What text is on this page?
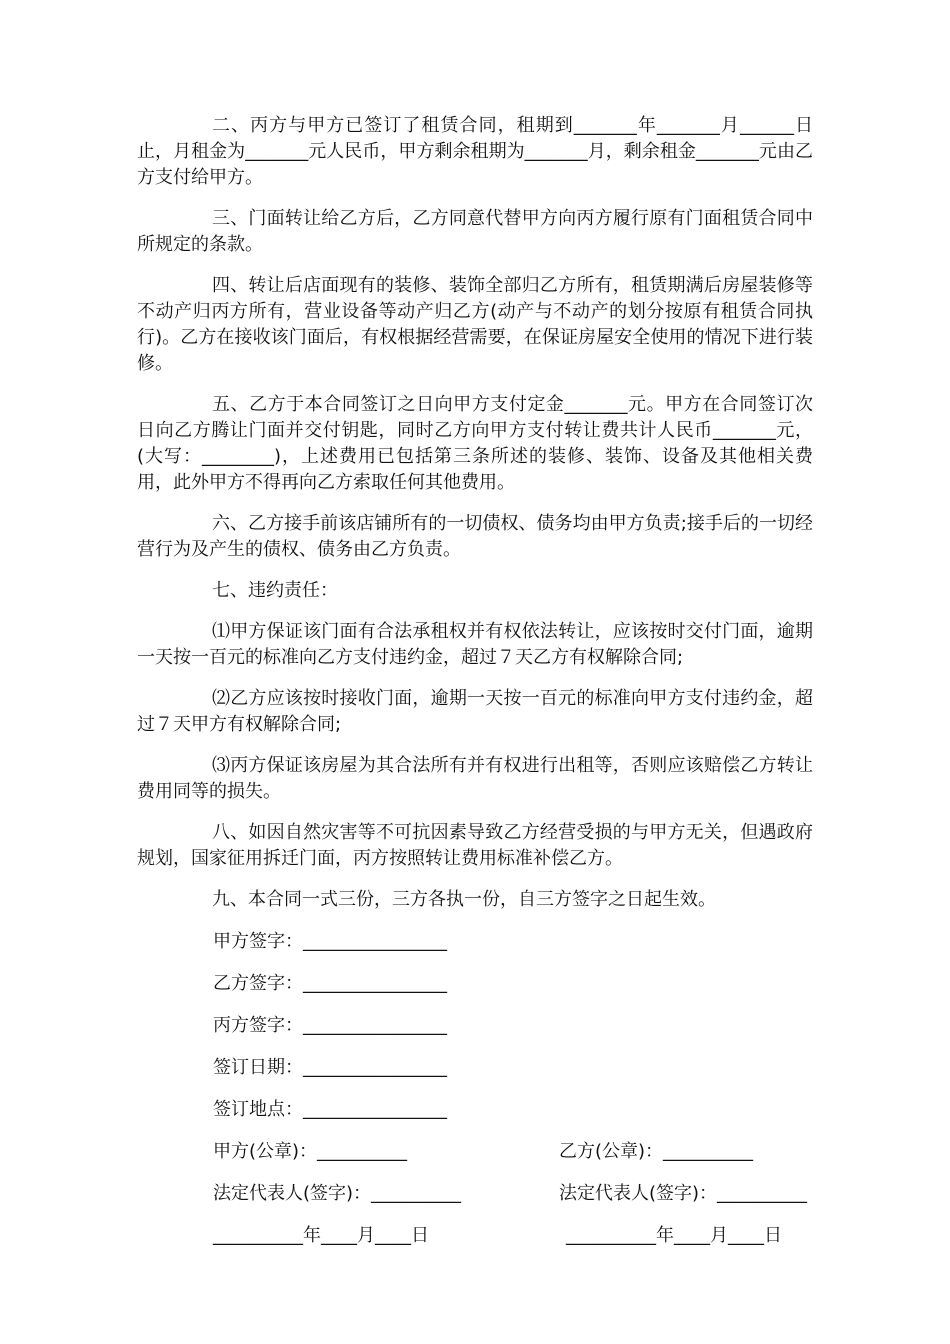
二、丙方与甲方已签订了租赁合同，租期到_______年_______月______日止，月租金为_______元人民币，甲方剩余租期为_______月，剩余租金_______元由乙方支付给甲方。

三、门面转让给乙方后，乙方同意代替甲方向丙方履行原有门面租赁合同中所规定的条款。

四、转让后店面现有的装修、装饰全部归乙方所有，租赁期满后房屋装修等不动产归丙方所有，营业设备等动产归乙方(动产与不动产的划分按原有租赁合同执行)。乙方在接收该门面后，有权根据经营需要，在保证房屋安全使用的情况下进行装修。

五、乙方于本合同签订之日向甲方支付定金_______元。甲方在合同签订次日向乙方腾让门面并交付钥匙，同时乙方向甲方支付转让费共计人民币_______元，(大写：________)，上述费用已包括第三条所述的装修、装饰、设备及其他相关费用，此外甲方不得再向乙方索取任何其他费用。

六、乙方接手前该店铺所有的一切债权、债务均由甲方负责;接手后的一切经营行为及产生的债权、债务由乙方负责。

七、违约责任：

⑴甲方保证该门面有合法承租权并有权依法转让，应该按时交付门面，逾期一天按一百元的标准向乙方支付违约金，超过７天乙方有权解除合同;

⑵乙方应该按时接收门面，逾期一天按一百元的标准向甲方支付违约金，超过７天甲方有权解除合同;

⑶丙方保证该房屋为其合法所有并有权进行出租等，否则应该赔偿乙方转让费用同等的损失。

八、如因自然灾害等不可抗因素导致乙方经营受损的与甲方无关，但遇政府规划，国家征用拆迁门面，丙方按照转让费用标准补偿乙方。

九、本合同一式三份，三方各执一份，自三方签字之日起生效。

甲方签字：________________
乙方签字：________________
丙方签字：________________
签订日期：________________
签订地点：________________

甲方(公章)：__________

	乙方(公章)：__________

法定代表人(签字)：__________

	法定代表人(签字)：__________

__________年____月____日

	__________年____月____日
